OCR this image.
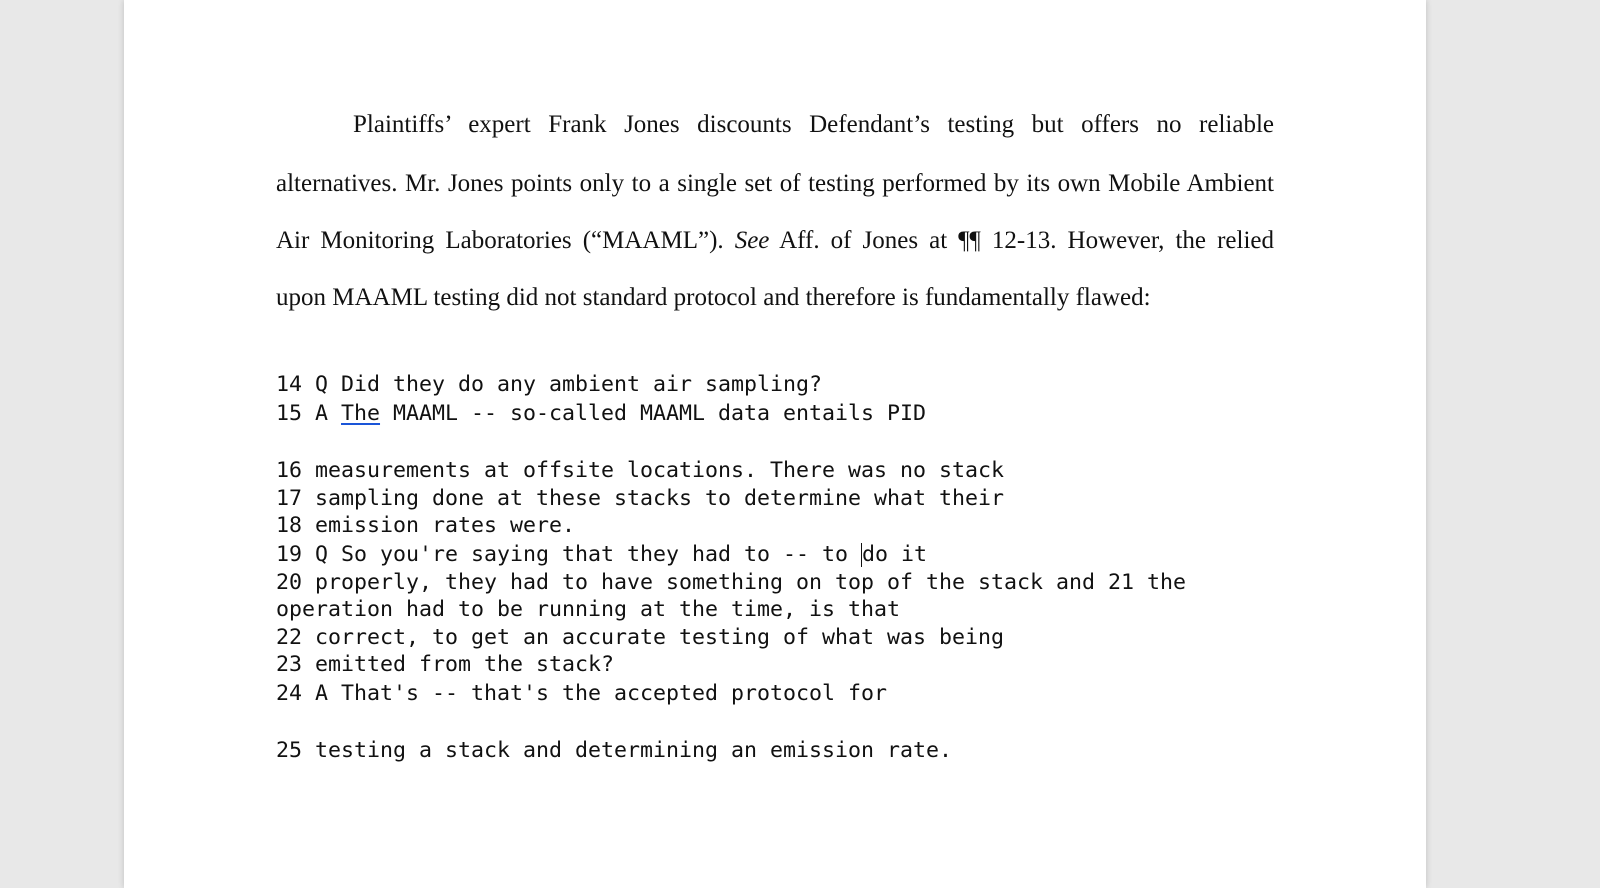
Plaintiffs’ expert Frank Jones discounts Defendant’s testing but offers no reliable
alternatives. Mr. Jones points only to a single set of testing performed by its own Mobile Ambient
Air Monitoring Laboratories (“MAAML”). See Aff. of Jones at ¶¶ 12-13. However, the relied
upon MAAML testing did not standard protocol and therefore is fundamentally flawed:

14 Q Did they do any ambient air sampling?

15 A The MAAML -- so-called MAAML data entails PID

16 measurements at offsite locations. There was no stack

17 sampling done at these stacks to determine what their

18 emission rates were.

19 Q So you're saying that they had to -- to do it

20 properly, they had to have something on top of the stack and 21 the

operation had to be running at the time, is that

22 correct, to get an accurate testing of what was being

23 emitted from the stack?

24 A That's -- that's the accepted protocol for

25 testing a stack and determining an emission rate.
